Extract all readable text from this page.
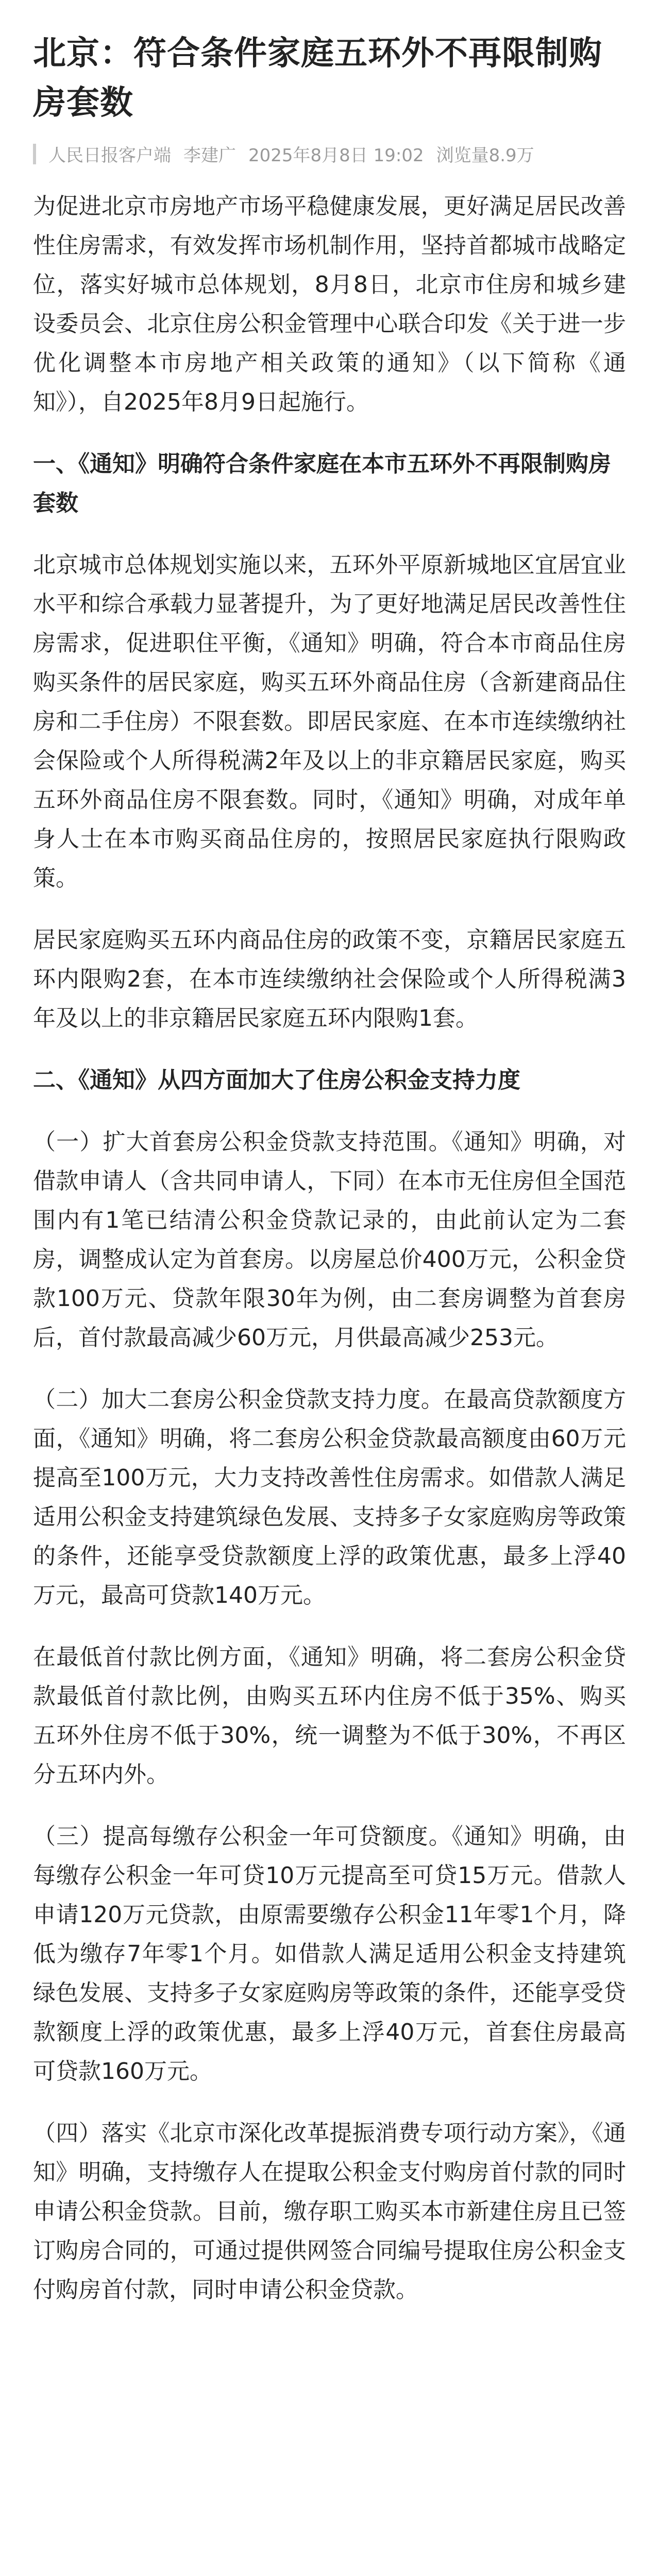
北京：符合条件家庭五环外不再限制购房套数
人民日报客户端 李建广 2025年8月8日 19:02 浏览量8.9万

为促进北京市房地产市场平稳健康发展，更好满足居民改善性住房需求，有效发挥市场机制作用，坚持首都城市战略定位，落实好城市总体规划，8月8日，北京市住房和城乡建设委员会、北京住房公积金管理中心联合印发《关于进一步优化调整本市房地产相关政策的通知》（以下简称《通知》），自2025年8月9日起施行。

一、《通知》明确符合条件家庭在本市五环外不再限制购房套数

北京城市总体规划实施以来，五环外平原新城地区宜居宜业水平和综合承载力显著提升，为了更好地满足居民改善性住房需求，促进职住平衡，《通知》明确，符合本市商品住房购买条件的居民家庭，购买五环外商品住房（含新建商品住房和二手住房）不限套数。即居民家庭、在本市连续缴纳社会保险或个人所得税满2年及以上的非京籍居民家庭，购买五环外商品住房不限套数。同时，《通知》明确，对成年单身人士在本市购买商品住房的，按照居民家庭执行限购政策。

居民家庭购买五环内商品住房的政策不变，京籍居民家庭五环内限购2套，在本市连续缴纳社会保险或个人所得税满3年及以上的非京籍居民家庭五环内限购1套。

二、《通知》从四方面加大了住房公积金支持力度

（一）扩大首套房公积金贷款支持范围。《通知》明确，对借款申请人（含共同申请人，下同）在本市无住房但全国范围内有1笔已结清公积金贷款记录的，由此前认定为二套房，调整成认定为首套房。以房屋总价400万元，公积金贷款100万元、贷款年限30年为例，由二套房调整为首套房后，首付款最高减少60万元，月供最高减少253元。

（二）加大二套房公积金贷款支持力度。在最高贷款额度方面，《通知》明确，将二套房公积金贷款最高额度由60万元提高至100万元，大力支持改善性住房需求。如借款人满足适用公积金支持建筑绿色发展、支持多子女家庭购房等政策的条件，还能享受贷款额度上浮的政策优惠，最多上浮40万元，最高可贷款140万元。

在最低首付款比例方面，《通知》明确，将二套房公积金贷款最低首付款比例，由购买五环内住房不低于35%、购买五环外住房不低于30%，统一调整为不低于30%，不再区分五环内外。

（三）提高每缴存公积金一年可贷额度。《通知》明确，由每缴存公积金一年可贷10万元提高至可贷15万元。借款人申请120万元贷款，由原需要缴存公积金11年零1个月，降低为缴存7年零1个月。如借款人满足适用公积金支持建筑绿色发展、支持多子女家庭购房等政策的条件，还能享受贷款额度上浮的政策优惠，最多上浮40万元，首套住房最高可贷款160万元。

（四）落实《北京市深化改革提振消费专项行动方案》，《通知》明确，支持缴存人在提取公积金支付购房首付款的同时申请公积金贷款。目前，缴存职工购买本市新建住房且已签订购房合同的，可通过提供网签合同编号提取住房公积金支付购房首付款，同时申请公积金贷款。
